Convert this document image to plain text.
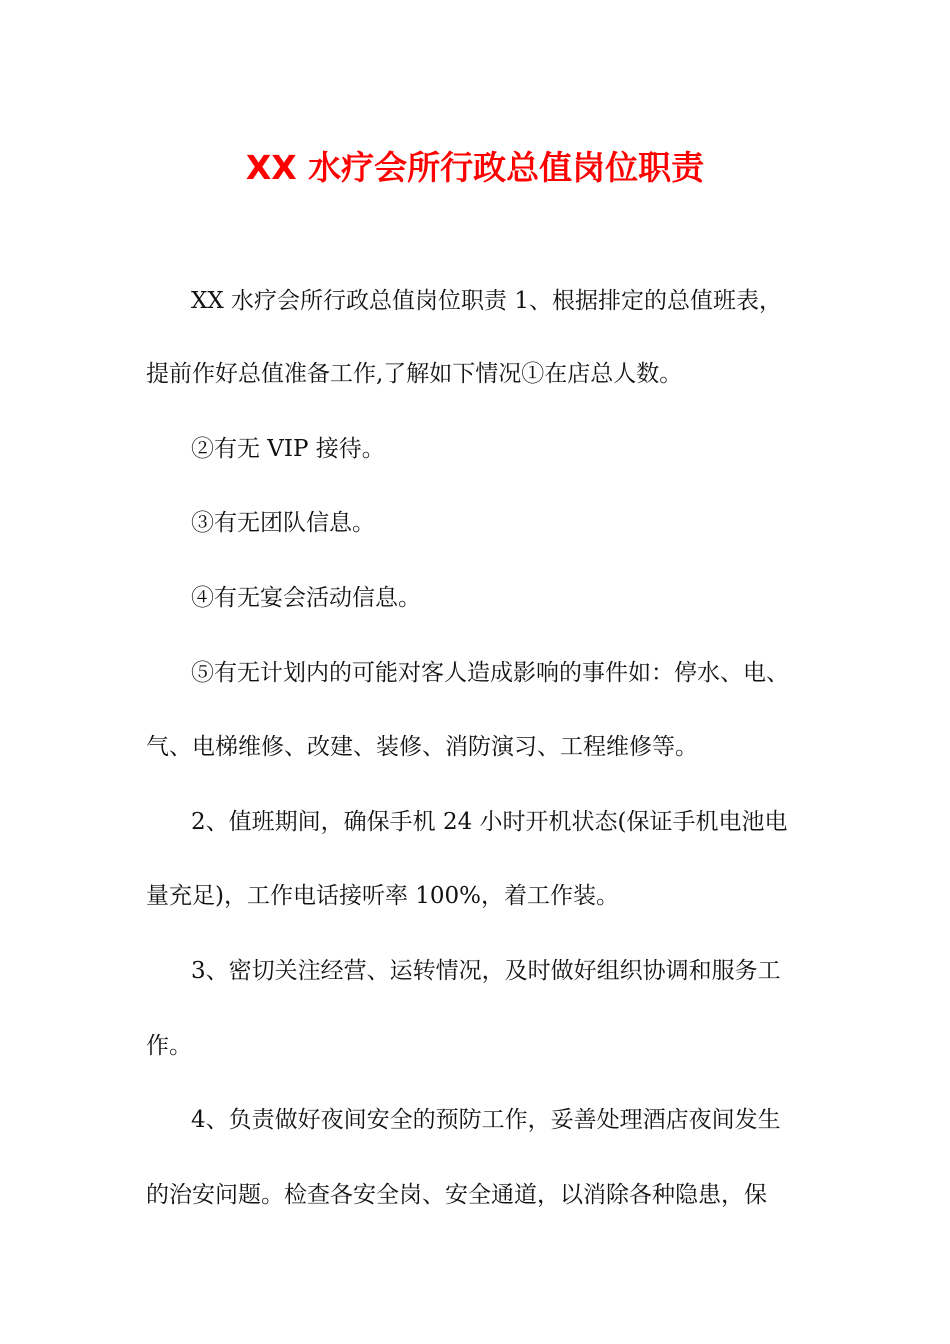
XX 水疗会所行政总值岗位职责

XX 水疗会所行政总值岗位职责 1、根据排定的总值班表，

提前作好总值准备工作,了解如下情况①在店总人数。

②有无 VIP 接待。

③有无团队信息。

④有无宴会活动信息。

⑤有无计划内的可能对客人造成影响的事件如：停水、电、

气、电梯维修、改建、装修、消防演习、工程维修等。

2、值班期间，确保手机 24 小时开机状态(保证手机电池电

量充足)，工作电话接听率 100%，着工作装。

3、密切关注经营、运转情况，及时做好组织协调和服务工

作。

4、负责做好夜间安全的预防工作，妥善处理酒店夜间发生

的治安问题。检查各安全岗、安全通道，以消除各种隐患，保
